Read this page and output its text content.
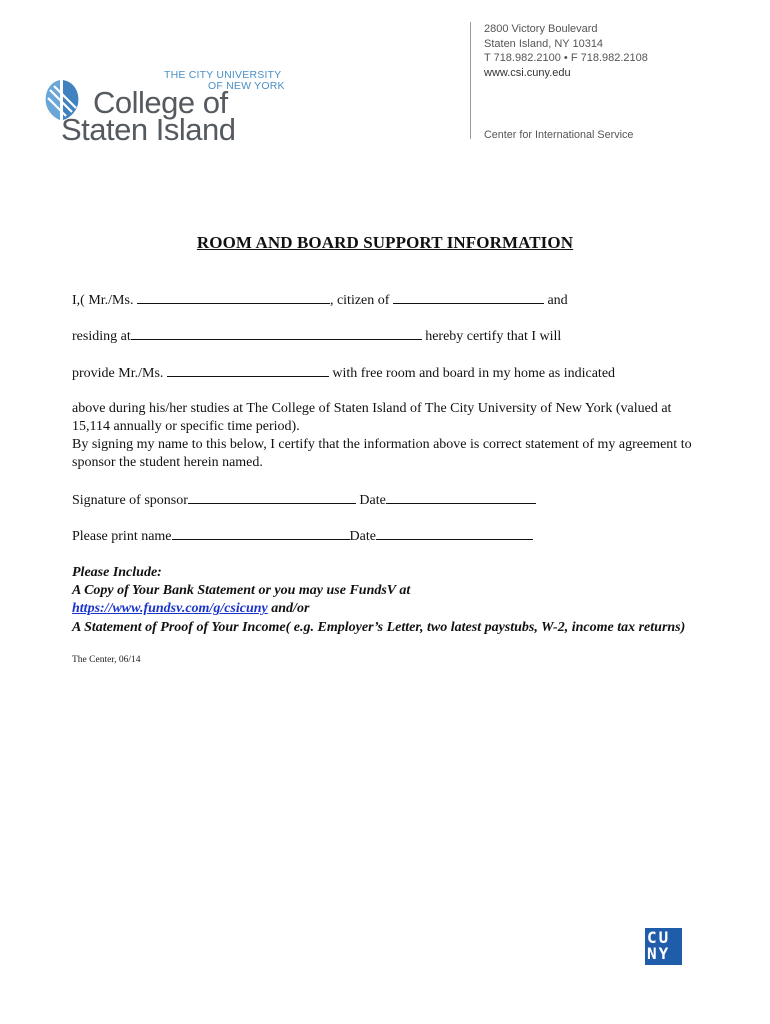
THE CITY UNIVERSITY
OF NEW YORK
College of
Staten Island
2800 Victory Boulevard
Staten Island, NY 10314
T 718.982.2100 • F 718.982.2108
www.csi.cuny.edu
Center for International Service
ROOM AND BOARD SUPPORT INFORMATION
I,( Mr./Ms.	, citizen of	and
residing at	hereby certify that I will
provide Mr./Ms.	with free room and board in my home as indicated
above during his/her studies at The College of Staten Island of The City University of New York (valued at 15,114 annually or specific time period).
By signing my name to this below, I certify that the information above is correct statement of my agreement to sponsor the student herein named.
Signature of sponsor	Date
Please print name	Date
Please Include:
A Copy of Your Bank Statement or you may use FundsV at
https://www.fundsv.com/g/csicuny and/or
A Statement of Proof of Your Income( e.g. Employer’s Letter, two latest paystubs, W-2, income tax returns)
The Center, 06/14
CU
NY
